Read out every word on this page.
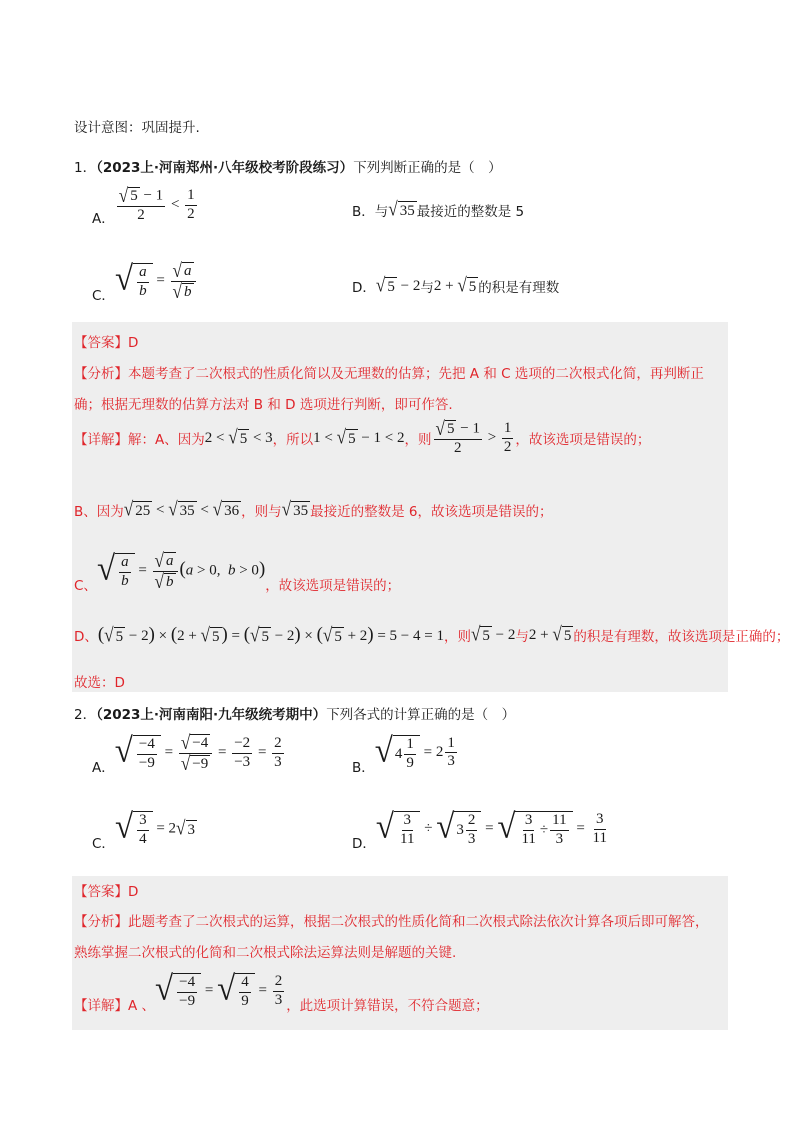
设计意图：巩固提升.
1．（2023上·河南郑州·八年级校考阶段练习）下列判断正确的是（　）
A． $\frac{√ 5 - 1}{2} < \frac{1}{2}$	B． 与 √ 35 最接近的整数是 5
C． √ $\frac{a}{b} = \frac{√ a}{√ b}$	D． √ 5 − 2 与 2 + √ 5 的积是有理数
【答案】D
【分析】本题考查了二次根式的性质化简以及无理数的估算；先把 A 和 C 选项的二次根式化简，再判断正
确；根据无理数的估算方法对 B 和 D 选项进行判断，即可作答.
【详解】 解：A、因为 2 < √ 5 < 3 ，所以 1 < √ 5 − 1 < 2 ，则 $\frac{√ 5 - 1}{2} > \frac{1}{2}$ ，故该选项是错误的；
B、因为 √ 25 < √ 35 < √ 36 ，则与 √ 35 最接近的整数是 6，故该选项是错误的；
C、 √ $\frac{a}{b} = \frac{√ a}{√ b} (a > 0$,  b > 0)
，故该选项是错误的；
D、 ( √ 5 − 2) × (2 + √ 5 ) = ( √ 5 − 2) × ( √ 5 + 2) = 5 − 4 = 1 ，则 √ 5 − 2 与 2 + √ 5 的积是有理数，故该选项是正确的；
故选：D
2．（2023上·河南南阳·九年级统考期中）下列各式的计算正确的是（　）
A． √ $\frac{-4}{-9} = \frac{√ -4}{√ -9} = \frac{-2}{-3} = \frac{2}{3}$	B． √ $4 \frac{1}{9} = 2 \frac{1}{3}$
C． √ $\frac{3}{4} = 2$ √ 3
D． √ $\frac{3}{11}$ ÷ √ $3 \frac{2}{3}$ = √ $\frac{3}{11} \div \frac{11}{3} = \frac{3}{11}$
【答案】D
【分析】此题考查了二次根式的运算，根据二次根式的性质化简和二次根式除法依次计算各项后即可解答，
熟练掌握二次根式的化简和二次根式除法运算法则是解题的关键.
【详解】 A 、 √ $\frac{-4}{-9}$ = √ $\frac{4}{9} = \frac{2}{3}$ ，此选项计算错误，不符合题意；
